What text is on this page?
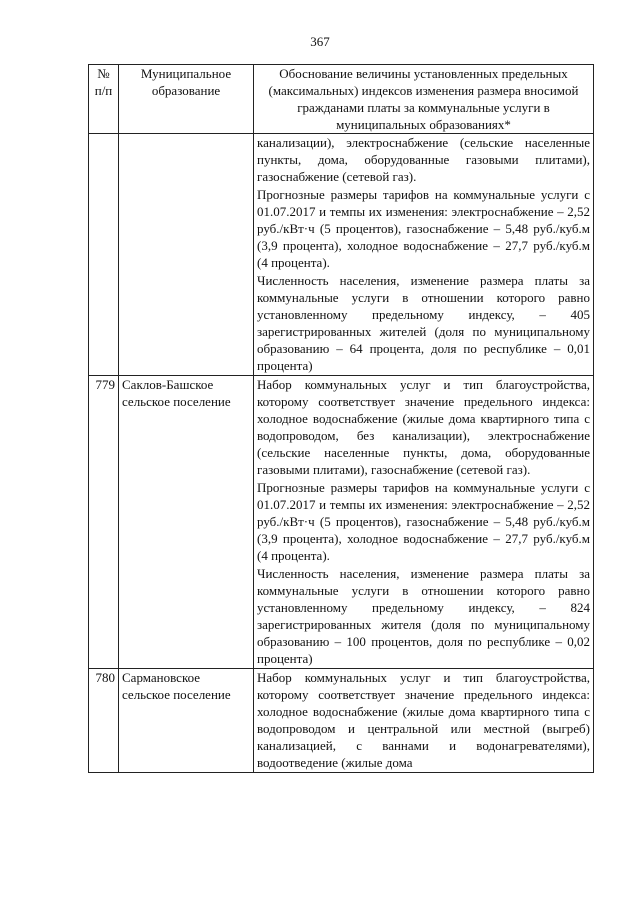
367
№ п/п	Муниципальное образование	Обоснование величины установленных предельных (максимальных) индексов изменения размера вносимой гражданами платы за коммунальные услуги в муниципальных образованиях*

		канализации), электроснабжение (сельские населенные пункты, дома, оборудованные газовыми плитами), газоснабжение (сетевой газ).

Прогнозные размеры тарифов на коммунальные услуги с 01.07.2017 и темпы их изменения: электроснабжение – 2,52 руб./кВт·ч (5 процентов), газоснабжение – 5,48 руб./куб.м (3,9 процента), холодное водоснабжение – 27,7 руб./куб.м (4 процента).

Численность населения, изменение размера платы за коммунальные услуги в отношении которого равно установленному предельному индексу, – 405 зарегистрированных жителей (доля по муниципальному образованию – 64 процента, доля по республике – 0,01 процента)

779	Саклов-Башское сельское поселение	Набор коммунальных услуг и тип благоустройства, которому соответствует значение предельного индекса: холодное водоснабжение (жилые дома квартирного типа с водопроводом, без канализации), электроснабжение (сельские населенные пункты, дома, оборудованные газовыми плитами), газоснабжение (сетевой газ).

Прогнозные размеры тарифов на коммунальные услуги с 01.07.2017 и темпы их изменения: электроснабжение – 2,52 руб./кВт·ч (5 процентов), газоснабжение – 5,48 руб./куб.м (3,9 процента), холодное водоснабжение – 27,7 руб./куб.м (4 процента).

Численность населения, изменение размера платы за коммунальные услуги в отношении которого равно установленному предельному индексу, – 824 зарегистрированных жителя (доля по муниципальному образованию – 100 процентов, доля по республике – 0,02 процента)

780	Сармановское сельское поселение	Набор коммунальных услуг и тип благоустройства, которому соответствует значение предельного индекса: холодное водоснабжение (жилые дома квартирного типа с водопроводом и центральной или местной (выгреб) канализацией, с ваннами и водонагревателями), водоотведение (жилые дома
